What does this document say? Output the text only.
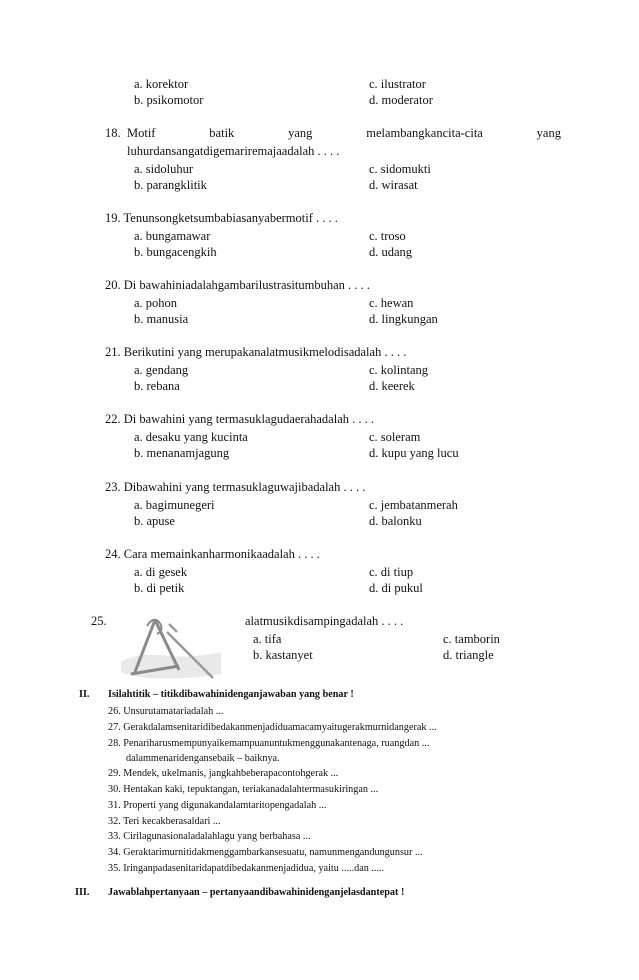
a. korektor	c. ilustrator
b. psikomotor	d. moderator
18. Motif	batik	yang	melambangkancita-cita	yang
luhurdansangatdigemariremajaadalah . . . .
a. sidoluhur	c. sidomukti
b. parangklitik	d. wirasat
19. Tenunsongketsumbabiasanyabermotif . . . .
a. bungamawar	c. troso
b. bungacengkih	d. udang
20. Di bawahiniadalahgambarilustrasitumbuhan . . . .
a. pohon	c. hewan
b. manusia	d. lingkungan
21. Berikutini yang merupakanalatmusikmelodisadalah . . . .
a. gendang	c. kolintang
b. rebana	d. keerek
22. Di bawahini yang termasuklagudaerahadalah . . . .
a. desaku yang kucinta	c. soleram
b. menanamjagung	d. kupu yang lucu
23. Dibawahini yang termasuklaguwajibadalah . . . .
a. bagimunegeri	c. jembatanmerah
b. apuse	d. balonku
24. Cara memainkanharmonikaadalah . . . .
a. di gesek	c. di tiup
b. di petik	d. di pukul
25.	alatmusikdisampingadalah . . . .
a. tifa	c. tamborin
b. kastanyet	d. triangle
II. Isilahtitik – titikdibawahinidenganjawaban yang benar !
26. Unsurutamatariadalah ...
27. Gerakdalamsenitaridibedakanmenjadiduamacamyaitugerakmurnidangerak ...
28. Penariharusmempunyaikemampuanuntukmenggunakantenaga, ruangdan ...
dalammenaridengansebaik – baiknya.
29. Mendek, ukelmanis, jangkahbeberapacontohgerak ...
30. Hentakan kaki, tepuktangan, teriakanadalahtermasukiringan ...
31. Properti yang digunakandalamtaritopengadalah ...
32. Teri kecakberasaldari ...
33. Cirilagunasionaladalahlagu yang berbahasa ...
34. Geraktarimurnitidakmenggambarkansesuatu, namunmengandungunsur ...
35. Iringanpadasenitaridapatdibedakanmenjadidua, yaitu .....dan .....
III. Jawablahpertanyaan – pertanyaandibawahinidenganjelasdantepat !
